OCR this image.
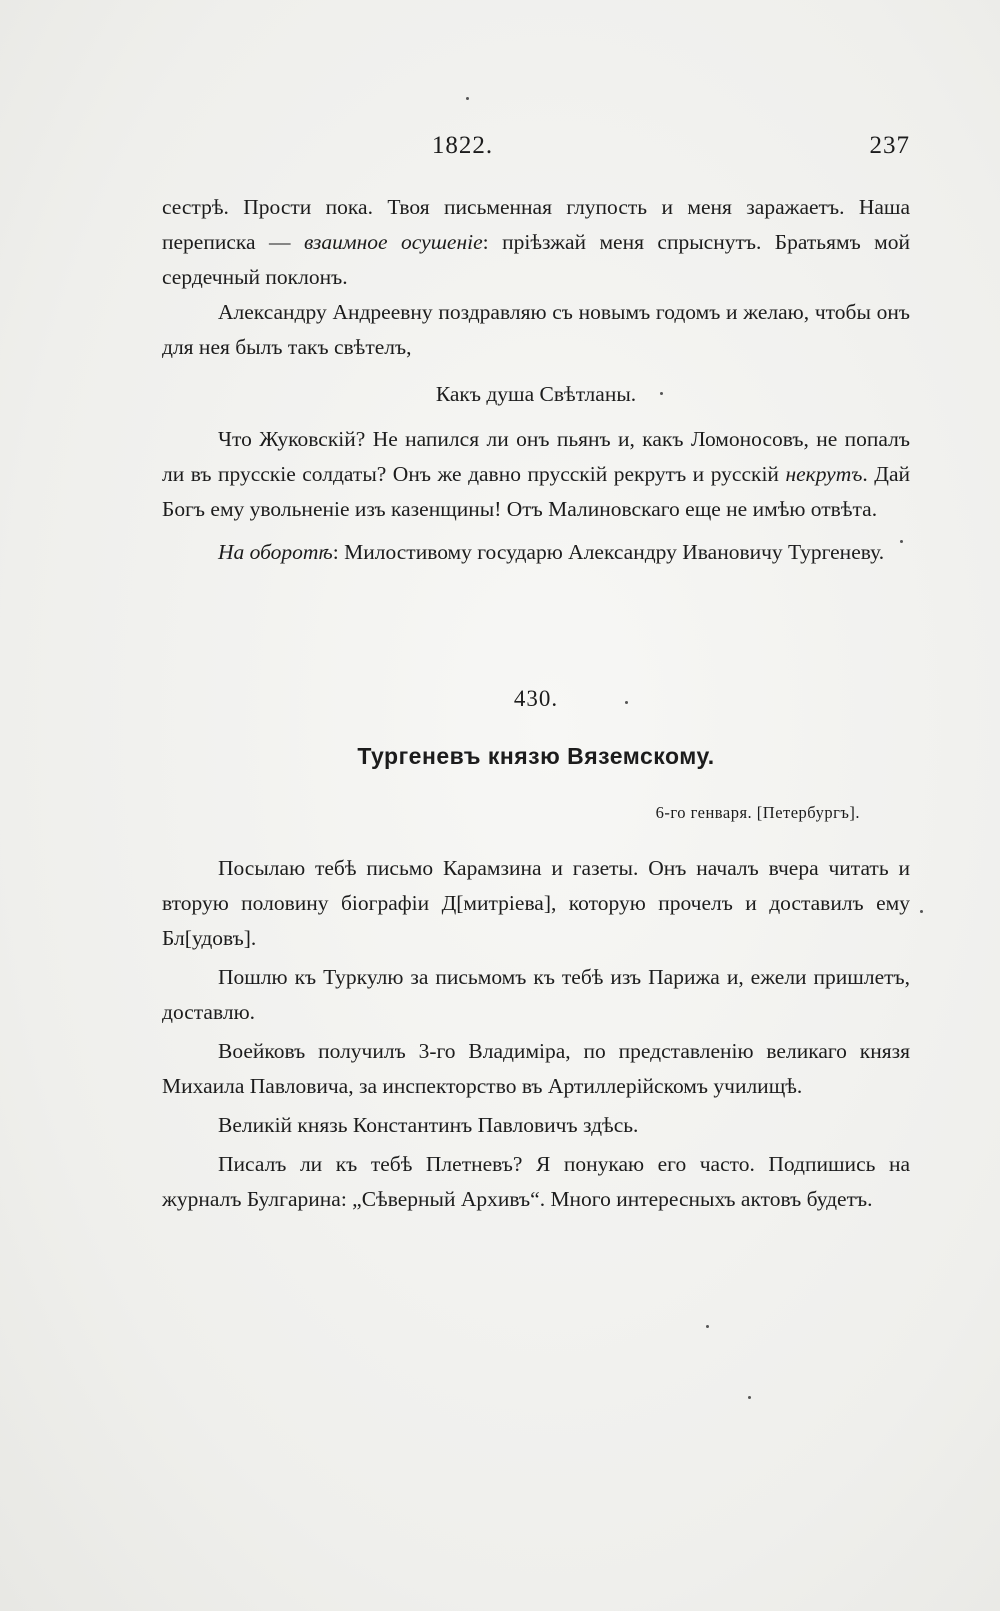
1822.	237

сестрѣ. Прости пока. Твоя письменная глупость и меня заражаетъ. Наша переписка — взаимное осушеніе: пріѣзжай меня спрыснутъ. Братьямъ мой сердечный поклонъ.

Александру Андреевну поздравляю съ новымъ годомъ и желаю, чтобы онъ для нея былъ такъ свѣтелъ,

Какъ душа Свѣтланы.

Что Жуковскій? Не напился ли онъ пьянъ и, какъ Ломоносовъ, не попалъ ли въ прусскіе солдаты? Онъ же давно прусскій рекрутъ и русскій некрутъ. Дай Богъ ему увольненіе изъ казенщины! Отъ Малиновскаго еще не имѣю отвѣта.

На оборотѣ: Милостивому государю Александру Ивановичу Тургеневу.

430.
Тургеневъ князю Вяземскому.
6-го генваря. [Петербургъ].

Посылаю тебѣ письмо Карамзина и газеты. Онъ началъ вчера читать и вторую половину біографіи Д[митріева], которую прочелъ и доставилъ ему Бл[удовъ].

Пошлю къ Туркулю за письмомъ къ тебѣ изъ Парижа и, ежели пришлетъ, доставлю.

Воейковъ получилъ 3-го Владиміра, по представленію великаго князя Михаила Павловича, за инспекторство въ Артиллерійскомъ училищѣ.

Великій князь Константинъ Павловичъ здѣсь.

Писалъ ли къ тебѣ Плетневъ? Я понукаю его часто. Подпишись на журналъ Булгарина: „Сѣверный Архивъ“. Много интересныхъ актовъ будетъ.
